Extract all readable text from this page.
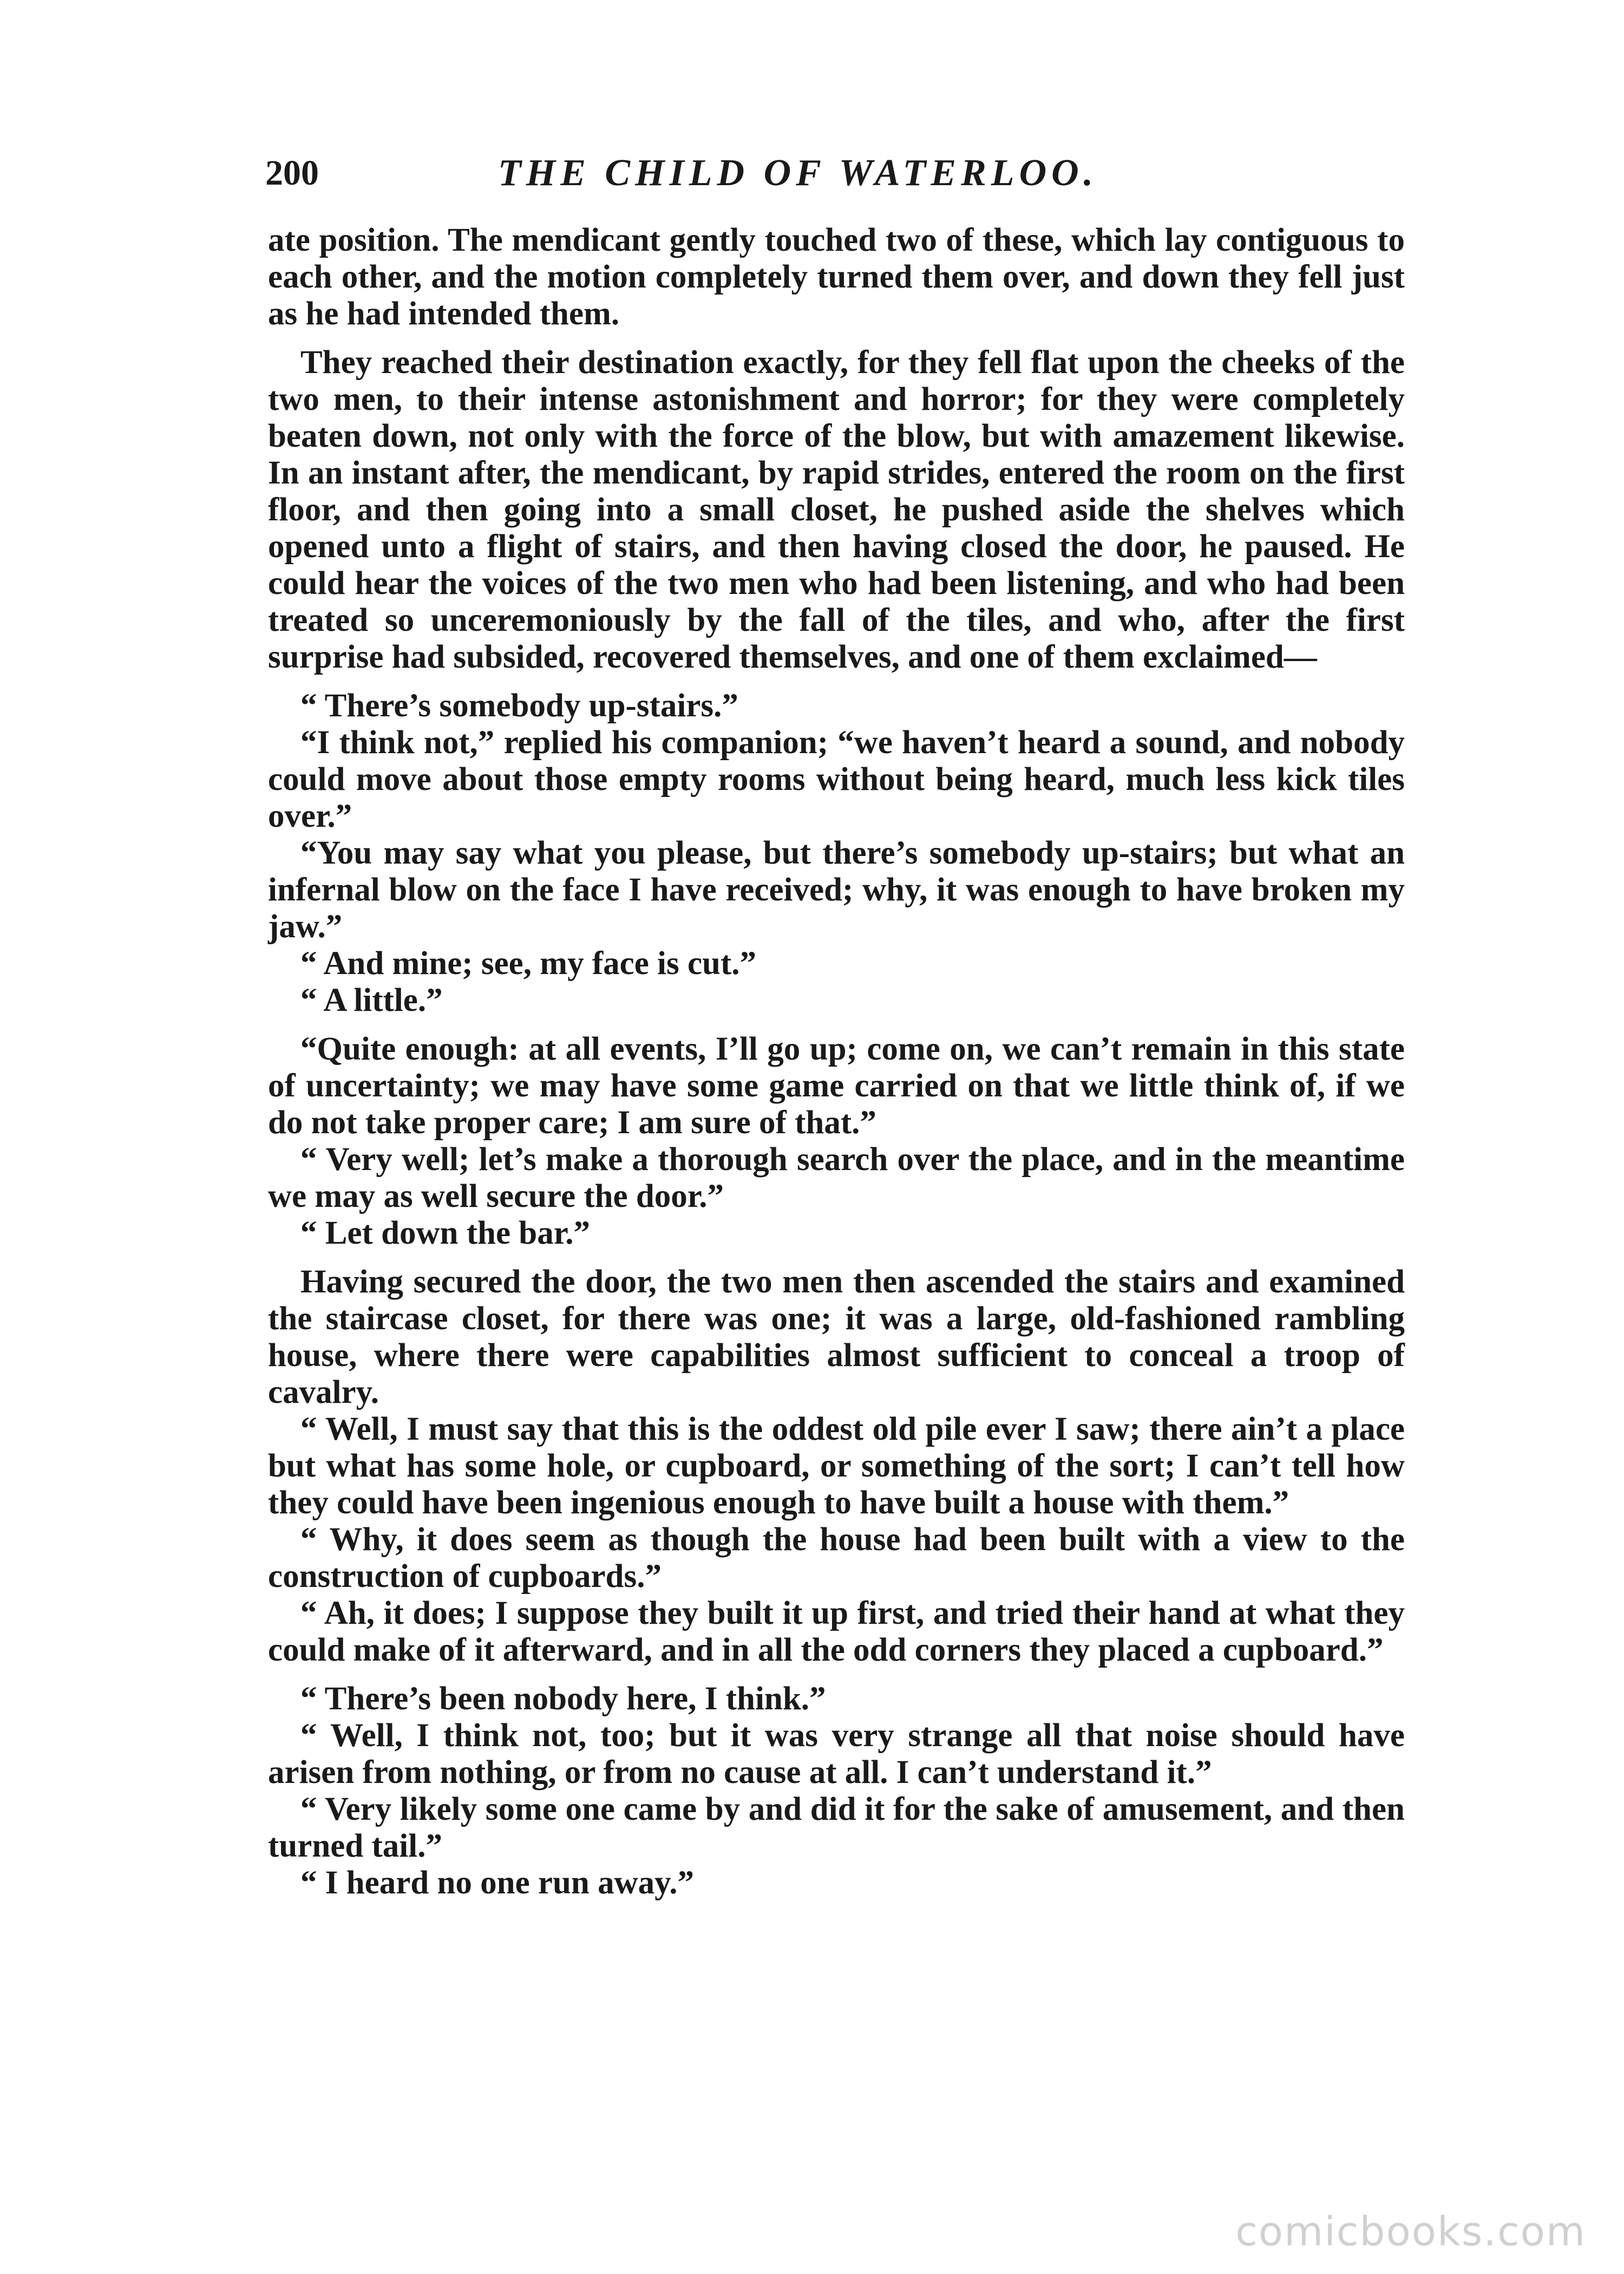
200	THE CHILD OF WATERLOO.

ate position. The mendicant gently touched two of these, which lay contiguous to each other, and the motion completely turned them over, and down they fell just as he had intended them.

They reached their destination exactly, for they fell flat upon the cheeks of the two men, to their intense astonishment and horror; for they were completely beaten down, not only with the force of the blow, but with amazement likewise. In an instant after, the mendicant, by rapid strides, entered the room on the first floor, and then going into a small closet, he pushed aside the shelves which opened unto a flight of stairs, and then having closed the door, he paused. He could hear the voices of the two men who had been listening, and who had been treated so unceremoniously by the fall of the tiles, and who, after the first surprise had subsided, recovered themselves, and one of them exclaimed—

“ There’s somebody up-stairs.”

“I think not,” replied his companion; “we haven’t heard a sound, and nobody could move about those empty rooms without being heard, much less kick tiles over.”

“You may say what you please, but there’s somebody up-stairs; but what an infernal blow on the face I have received; why, it was enough to have broken my jaw.”

“ And mine; see, my face is cut.”

“ A little.”

“Quite enough: at all events, I’ll go up; come on, we can’t remain in this state of uncertainty; we may have some game carried on that we little think of, if we do not take proper care; I am sure of that.”

“ Very well; let’s make a thorough search over the place, and in the meantime we may as well secure the door.”

“ Let down the bar.”

Having secured the door, the two men then ascended the stairs and examined the staircase closet, for there was one; it was a large, old-fashioned rambling house, where there were capabilities almost sufficient to conceal a troop of cavalry.

“ Well, I must say that this is the oddest old pile ever I saw; there ain’t a place but what has some hole, or cupboard, or something of the sort; I can’t tell how they could have been ingenious enough to have built a house with them.”

“ Why, it does seem as though the house had been built with a view to the construction of cupboards.”

“ Ah, it does; I suppose they built it up first, and tried their hand at what they could make of it afterward, and in all the odd corners they placed a cupboard.”

“ There’s been nobody here, I think.”

“ Well, I think not, too; but it was very strange all that noise should have arisen from nothing, or from no cause at all. I can’t understand it.”

“ Very likely some one came by and did it for the sake of amusement, and then turned tail.”

“ I heard no one run away.”

comicbooks.com
